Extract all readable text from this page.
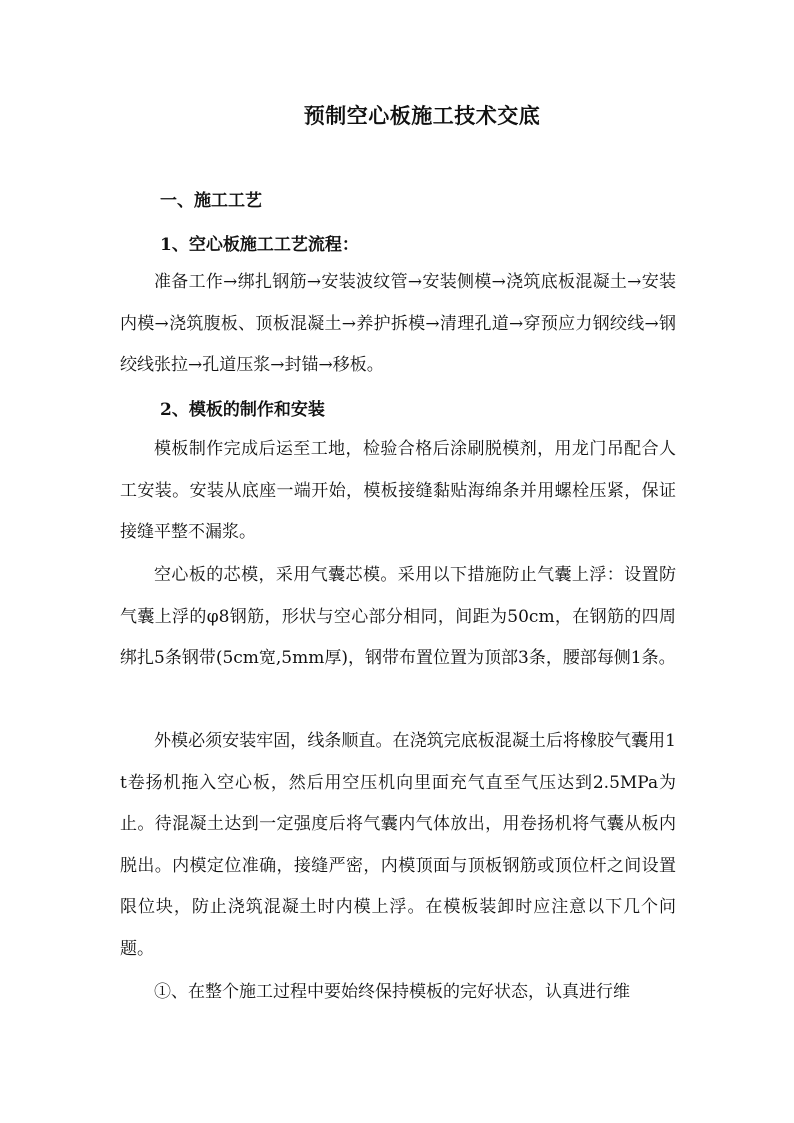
预制空心板施工技术交底
一、施工工艺
1、空心板施工工艺流程：

准备工作→绑扎钢筋→安装波纹管→安装侧模→浇筑底板混凝土→安装内模→浇筑腹板、顶板混凝土→养护拆模→清理孔道→穿预应力钢绞线→钢绞线张拉→孔道压浆→封锚→移板。

2、模板的制作和安装

模板制作完成后运至工地，检验合格后涂刷脱模剂，用龙门吊配合人工安装。安装从底座一端开始，模板接缝黏贴海绵条并用螺栓压紧，保证接缝平整不漏浆。

空心板的芯模，采用气囊芯模。采用以下措施防止气囊上浮：设置防气囊上浮的φ8钢筋，形状与空心部分相同，间距为50cm，在钢筋的四周绑扎5条钢带(5cm宽,5mm厚)，钢带布置位置为顶部3条，腰部每侧1条。

外模必须安装牢固，线条顺直。在浇筑完底板混凝土后将橡胶气囊用1t卷扬机拖入空心板，然后用空压机向里面充气直至气压达到2.5MPa为止。待混凝土达到一定强度后将气囊内气体放出，用卷扬机将气囊从板内脱出。内模定位准确，接缝严密，内模顶面与顶板钢筋或顶位杆之间设置限位块，防止浇筑混凝土时内模上浮。在模板装卸时应注意以下几个问题。

①、在整个施工过程中要始终保持模板的完好状态，认真进行维
